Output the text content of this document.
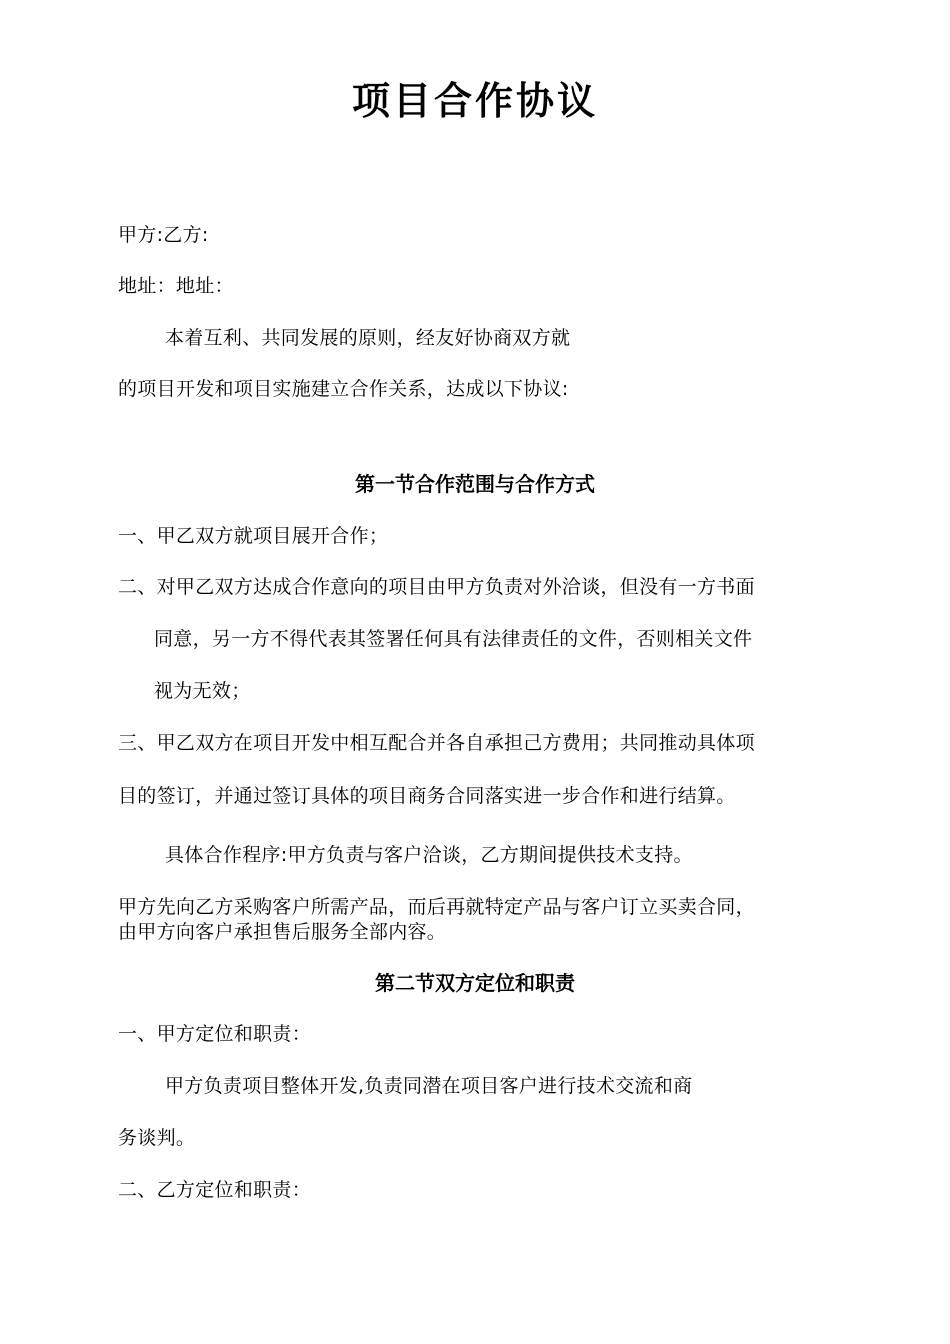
项目合作协议
甲方:乙方:
地址：地址：
本着互利、共同发展的原则，经友好协商双方就
的项目开发和项目实施建立合作关系，达成以下协议:
第一节合作范围与合作方式
一、甲乙双方就项目展开合作；
二、对甲乙双方达成合作意向的项目由甲方负责对外洽谈，但没有一方书面
同意，另一方不得代表其签署任何具有法律责任的文件，否则相关文件
视为无效；
三、甲乙双方在项目开发中相互配合并各自承担己方费用；共同推动具体项
目的签订，并通过签订具体的项目商务合同落实进一步合作和进行结算。
具体合作程序:甲方负责与客户洽谈，乙方期间提供技术支持。
甲方先向乙方采购客户所需产品，而后再就特定产品与客户订立买卖合同，
由甲方向客户承担售后服务全部内容。
第二节双方定位和职责
一、甲方定位和职责：
甲方负责项目整体开发,负责同潜在项目客户进行技术交流和商
务谈判。
二、乙方定位和职责：
